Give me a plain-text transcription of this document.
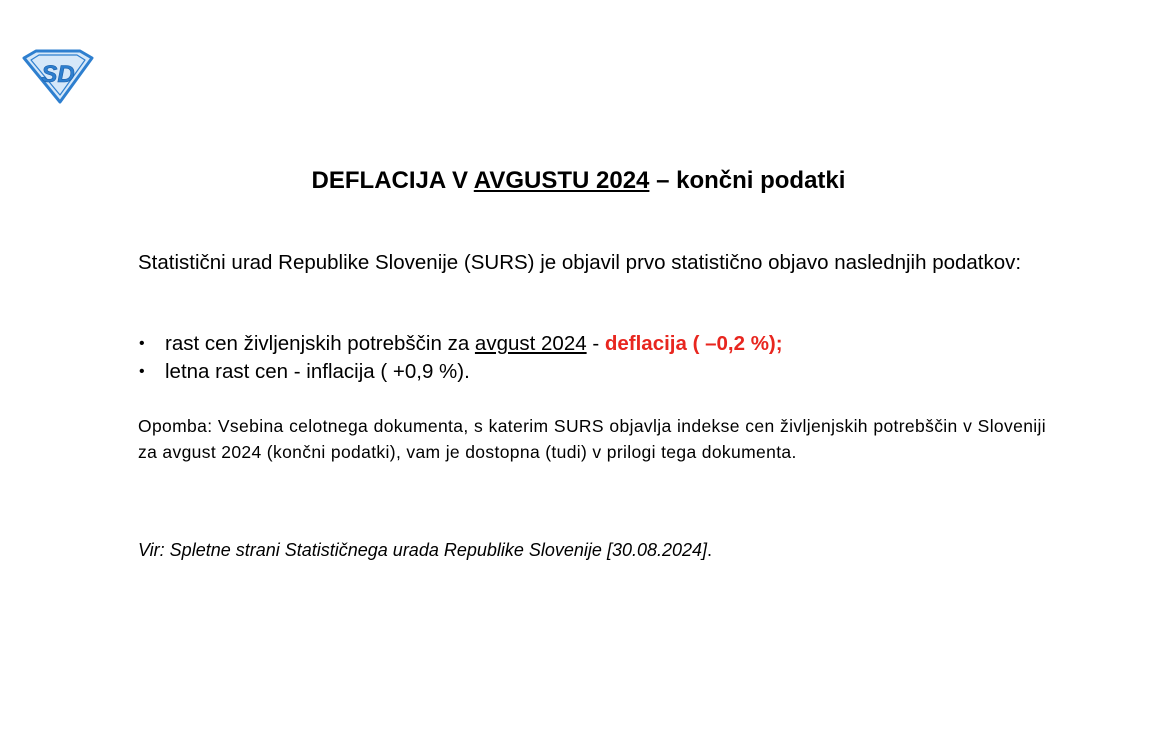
SD
DEFLACIJA V AVGUSTU 2024 – končni podatki
Statistični urad Republike Slovenije (SURS) je objavil prvo statistično objavo naslednjih podatkov:
• rast cen življenjskih potrebščin za avgust 2024 - deflacija ( –0,2 %);
• letna rast cen - inflacija ( +0,9 %).
Opomba: Vsebina celotnega dokumenta, s katerim SURS objavlja indekse cen življenjskih potrebščin v Sloveniji za avgust 2024 (končni podatki), vam je dostopna (tudi) v prilogi tega dokumenta.
Vir: Spletne strani Statističnega urada Republike Slovenije [30.08.2024].
